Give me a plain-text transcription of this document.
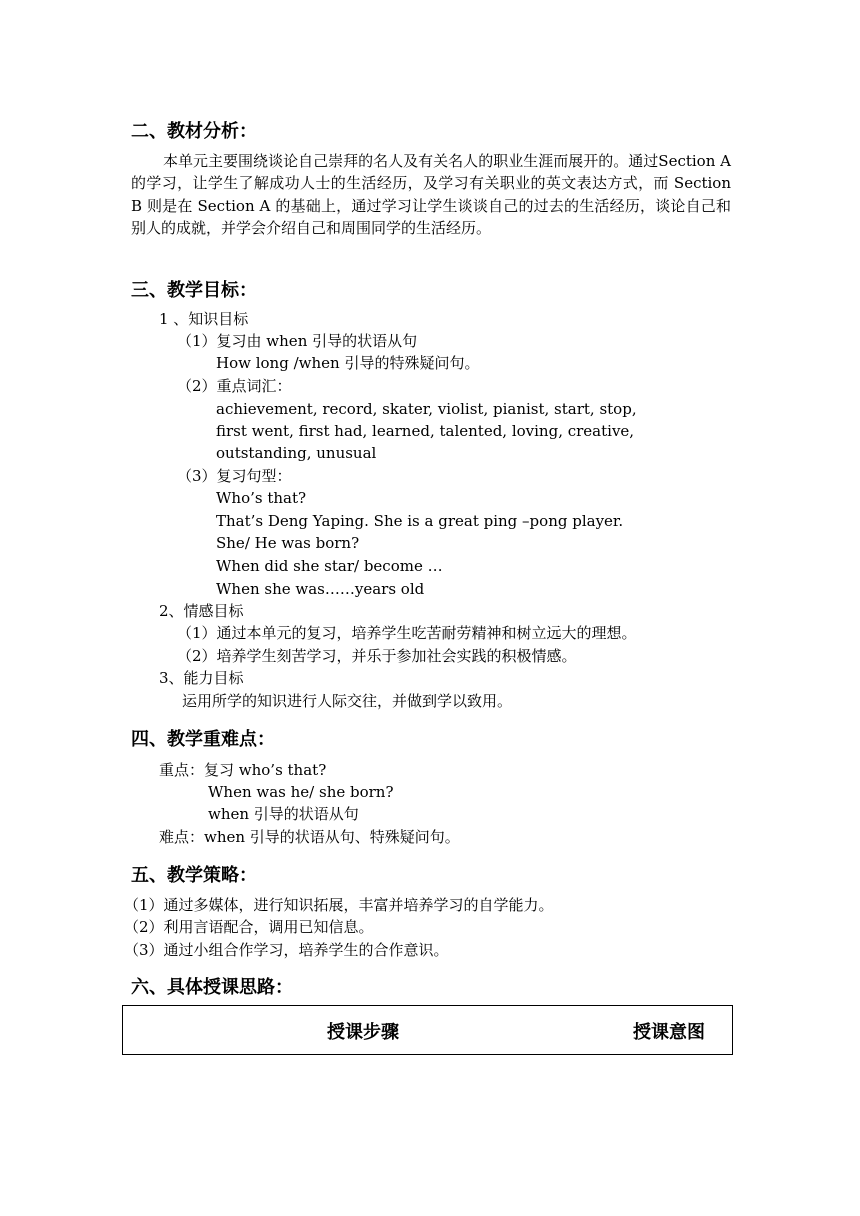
二、教材分析：

本单元主要围绕谈论自己崇拜的名人及有关名人的职业生涯而展开的。通过Section A 的学习，让学生了解成功人士的生活经历，及学习有关职业的英文表达方式，而 Section B 则是在 Section A 的基础上，通过学习让学生谈谈自己的过去的生活经历，谈论自己和别人的成就，并学会介绍自己和周围同学的生活经历。

三、教学目标：
1 、知识目标
（1）复习由 when 引导的状语从句
How long /when 引导的特殊疑问句。
（2）重点词汇：
achievement, record, skater, violist, pianist, start, stop,
first went, first had, learned, talented, loving, creative,
outstanding, unusual
（3）复习句型：
Who’s that?
That’s Deng Yaping. She is a great ping –pong player.
She/ He was born?
When did she star/ become …
When she was……years old
2、情感目标
（1）通过本单元的复习，培养学生吃苦耐劳精神和树立远大的理想。
（2）培养学生刻苦学习，并乐于参加社会实践的积极情感。
3、能力目标
运用所学的知识进行人际交往，并做到学以致用。
四、教学重难点：
重点：复习 who’s that?
When was he/ she born?
when 引导的状语从句
难点：when 引导的状语从句、特殊疑问句。
五、教学策略：
（1）通过多媒体，进行知识拓展，丰富并培养学习的自学能力。
（2）利用言语配合，调用已知信息。
（3）通过小组合作学习，培养学生的合作意识。
六、具体授课思路：
授课步骤	授课意图
